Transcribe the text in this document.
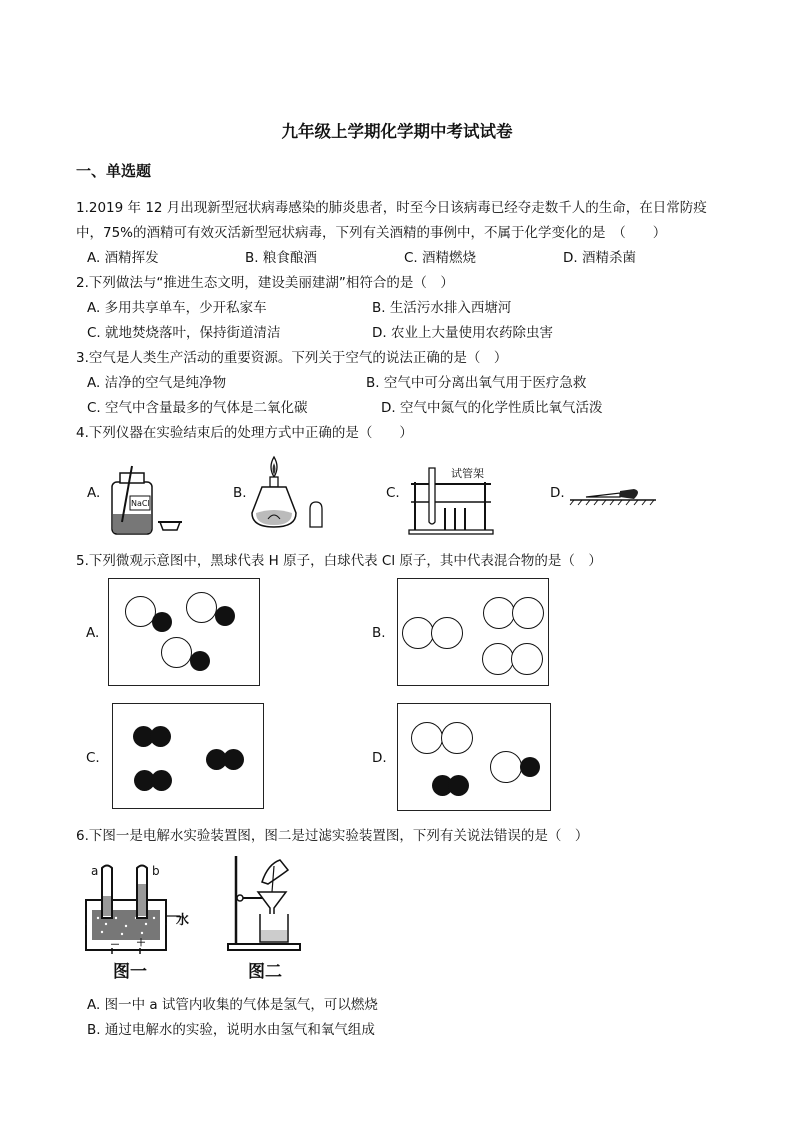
九年级上学期化学期中考试试卷
一、单选题
1.2019 年 12 月出现新型冠状病毒感染的肺炎患者，时至今日该病毒已经夺走数千人的生命，在日常防疫
中，75%的酒精可有效灭活新型冠状病毒，下列有关酒精的事例中，不属于化学变化的是　（　　）
A. 酒精挥发	B. 粮食酿酒	C. 酒精燃烧	D. 酒精杀菌
2.下列做法与“推进生态文明，建设美丽建湖”相符合的是（　）
A. 多用共享单车，少开私家车	B. 生活污水排入西塘河
C. 就地焚烧落叶，保持街道清洁	D. 农业上大量使用农药除虫害
3.空气是人类生产活动的重要资源。下列关于空气的说法正确的是（　）
A. 洁净的空气是纯净物	B. 空气中可分离出氧气用于医疗急救
C. 空气中含量最多的气体是二氧化碳	D. 空气中氮气的化学性质比氧气活泼
4.下列仪器在实验结束后的处理方式中正确的是（　　）
A.	B.	C.	D.
NaCl
试管架
5.下列微观示意图中，黑球代表 H 原子，白球代表 Cl 原子，其中代表混合物的是（　）
A.	B.
C.	D.
6.下图一是电解水实验装置图，图二是过滤实验装置图，下列有关说法错误的是（　）
a	b
水
－ ＋
图一	图二
A. 图一中 a 试管内收集的气体是氢气，可以燃烧
B. 通过电解水的实验，说明水由氢气和氧气组成
